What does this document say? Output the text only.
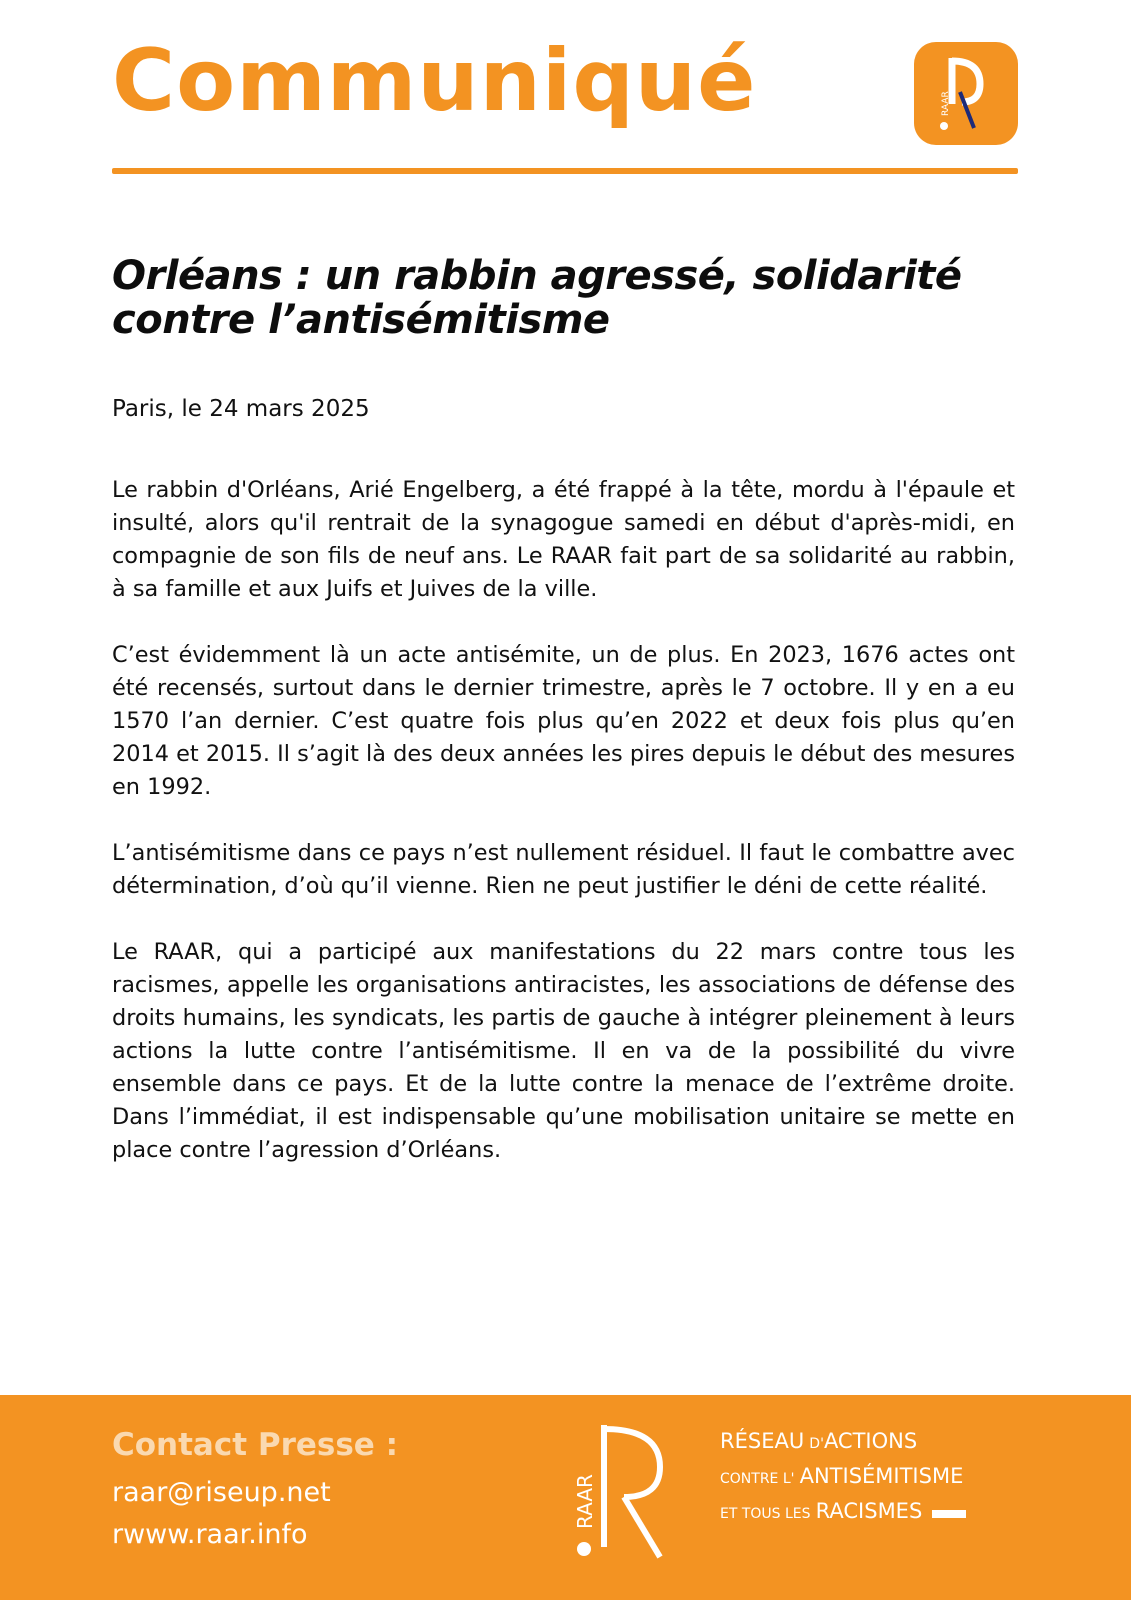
Communiqué	RAAR
Orléans : un rabbin agressé, solidarité
contre l’antisémitisme
Paris, le 24 mars 2025

Le rabbin d'Orléans, Arié Engelberg, a été frappé à la tête, mordu à l'épaule et insulté, alors qu'il rentrait de la synagogue samedi en début d'après-midi, en compagnie de son fils de neuf ans. Le RAAR fait part de sa solidarité au rabbin, à sa famille et aux Juifs et Juives de la ville.

C’est évidemment là un acte antisémite, un de plus. En 2023, 1676 actes ont été recensés, surtout dans le dernier trimestre, après le 7 octobre. Il y en a eu 1570 l’an dernier. C’est quatre fois plus qu’en 2022 et deux fois plus qu’en 2014 et 2015. Il s’agit là des deux années les pires depuis le début des mesures en 1992.

L’antisémitisme dans ce pays n’est nullement résiduel. Il faut le combattre avec détermination, d’où qu’il vienne. Rien ne peut justifier le déni de cette réalité.

Le RAAR, qui a participé aux manifestations du 22 mars contre tous les racismes, appelle les organisations antiracistes, les associations de défense des droits humains, les syndicats, les partis de gauche à intégrer pleinement à leurs actions la lutte contre l’antisémitisme. Il en va de la possibilité du vivre ensemble dans ce pays. Et de la lutte contre la menace de l’extrême droite. Dans l’immédiat, il est indispensable qu’une mobilisation unitaire se mette en place contre l’agression d’Orléans.

Contact Presse :
raar@riseup.net
rwww.raar.info
RAAR
RÉSEAU D'ACTIONS
CONTRE L' ANTISÉMITISME
ET TOUS LES RACISMES
